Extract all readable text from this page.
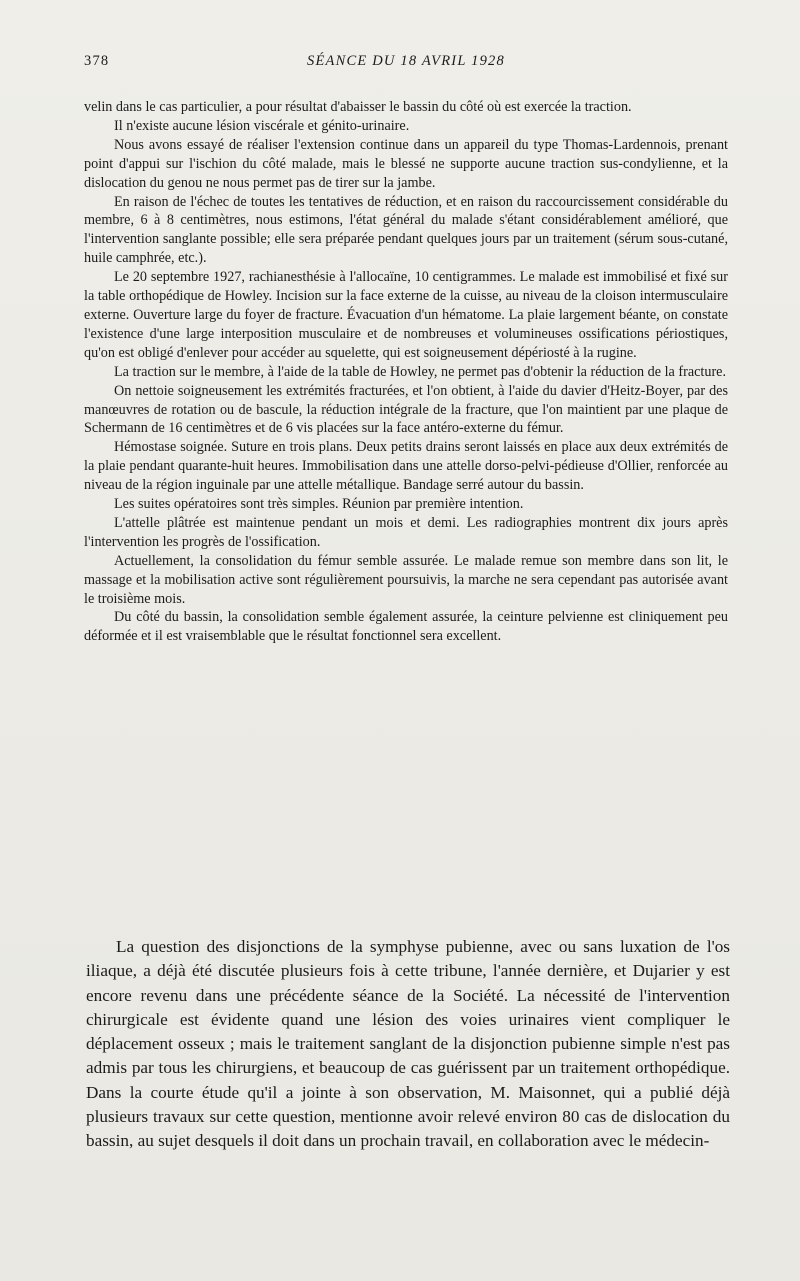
378	SÉANCE DU 18 AVRIL 1928

velin dans le cas particulier, a pour résultat d'abaisser le bassin du côté où est exercée la traction.

Il n'existe aucune lésion viscérale et génito-urinaire.

Nous avons essayé de réaliser l'extension continue dans un appareil du type Thomas-Lardennois, prenant point d'appui sur l'ischion du côté malade, mais le blessé ne supporte aucune traction sus-condylienne, et la dislocation du genou ne nous permet pas de tirer sur la jambe.

En raison de l'échec de toutes les tentatives de réduction, et en raison du raccourcissement considérable du membre, 6 à 8 centimètres, nous estimons, l'état général du malade s'étant considérablement amélioré, que l'intervention sanglante possible; elle sera préparée pendant quelques jours par un traitement (sérum sous-cutané, huile camphrée, etc.).

Le 20 septembre 1927, rachianesthésie à l'allocaïne, 10 centigrammes. Le malade est immobilisé et fixé sur la table orthopédique de Howley. Incision sur la face externe de la cuisse, au niveau de la cloison intermusculaire externe. Ouverture large du foyer de fracture. Évacuation d'un hématome. La plaie largement béante, on constate l'existence d'une large interposition musculaire et de nombreuses et volumineuses ossifications périostiques, qu'on est obligé d'enlever pour accéder au squelette, qui est soigneusement dépériosté à la rugine.

La traction sur le membre, à l'aide de la table de Howley, ne permet pas d'obtenir la réduction de la fracture.

On nettoie soigneusement les extrémités fracturées, et l'on obtient, à l'aide du davier d'Heitz-Boyer, par des manœuvres de rotation ou de bascule, la réduction intégrale de la fracture, que l'on maintient par une plaque de Schermann de 16 centimètres et de 6 vis placées sur la face antéro-externe du fémur.

Hémostase soignée. Suture en trois plans. Deux petits drains seront laissés en place aux deux extrémités de la plaie pendant quarante-huit heures. Immobilisation dans une attelle dorso-pelvi-pédieuse d'Ollier, renforcée au niveau de la région inguinale par une attelle métallique. Bandage serré autour du bassin.

Les suites opératoires sont très simples. Réunion par première intention.

L'attelle plâtrée est maintenue pendant un mois et demi. Les radiographies montrent dix jours après l'intervention les progrès de l'ossification.

Actuellement, la consolidation du fémur semble assurée. Le malade remue son membre dans son lit, le massage et la mobilisation active sont régulièrement poursuivis, la marche ne sera cependant pas autorisée avant le troisième mois.

Du côté du bassin, la consolidation semble également assurée, la ceinture pelvienne est cliniquement peu déformée et il est vraisemblable que le résultat fonctionnel sera excellent.

La question des disjonctions de la symphyse pubienne, avec ou sans luxation de l'os iliaque, a déjà été discutée plusieurs fois à cette tribune, l'année dernière, et Dujarier y est encore revenu dans une précédente séance de la Société. La nécessité de l'intervention chirurgicale est évidente quand une lésion des voies urinaires vient compliquer le déplacement osseux ; mais le traitement sanglant de la disjonction pubienne simple n'est pas admis par tous les chirurgiens, et beaucoup de cas guérissent par un traitement orthopédique. Dans la courte étude qu'il a jointe à son observation, M. Maisonnet, qui a publié déjà plusieurs travaux sur cette question, mentionne avoir relevé environ 80 cas de dislocation du bassin, au sujet desquels il doit dans un prochain travail, en collaboration avec le médecin-
